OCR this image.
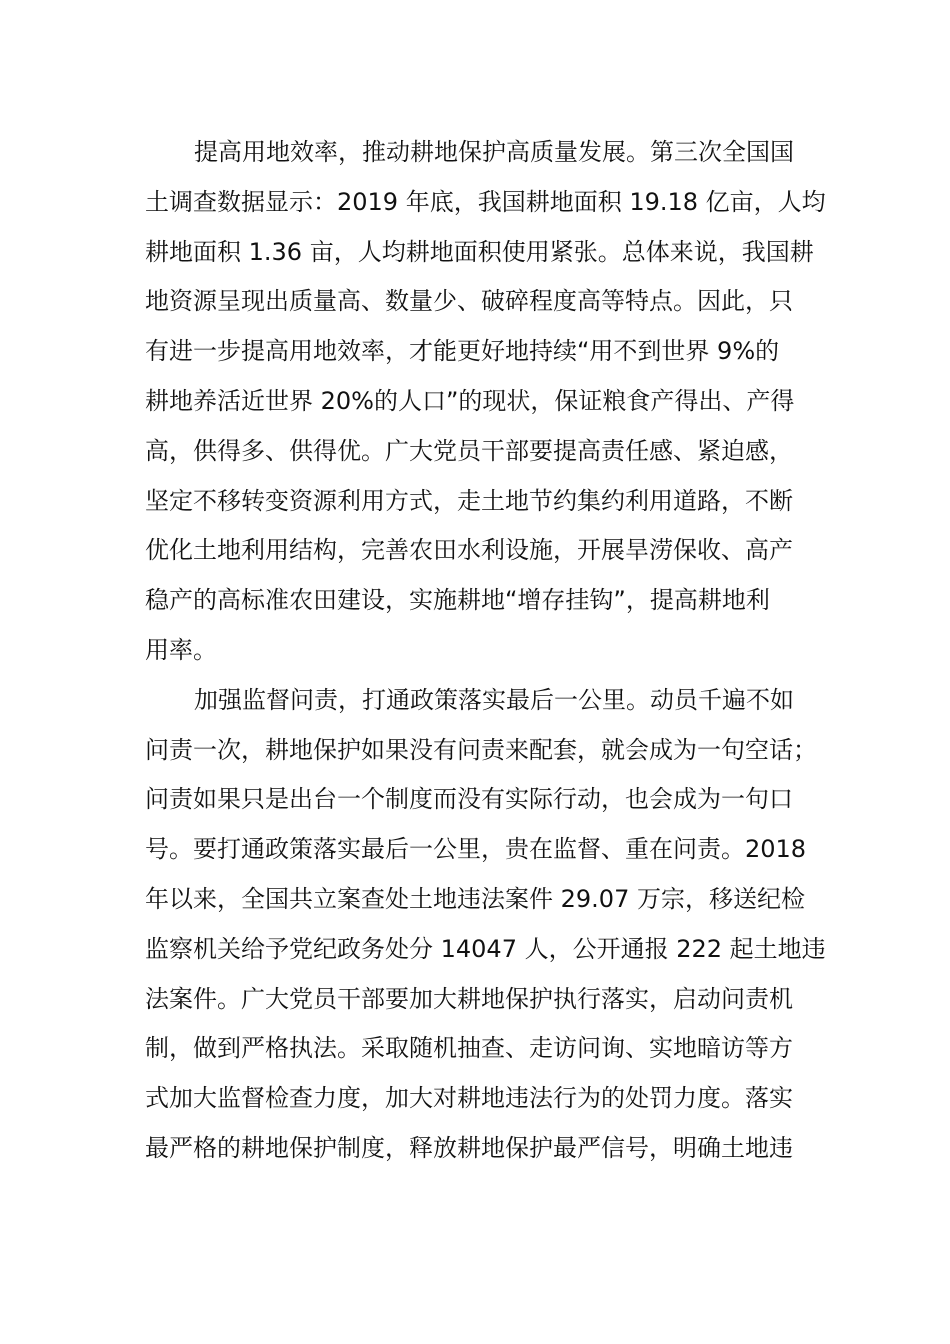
提高用地效率，推动耕地保护高质量发展。第三次全国国
土调查数据显示：2019 年底，我国耕地面积 19.18 亿亩，人均
耕地面积 1.36 亩，人均耕地面积使用紧张。总体来说，我国耕
地资源呈现出质量高、数量少、破碎程度高等特点。因此，只
有进一步提高用地效率，才能更好地持续“用不到世界 9%的
耕地养活近世界 20%的人口”的现状，保证粮食产得出、产得
高，供得多、供得优。广大党员干部要提高责任感、紧迫感，
坚定不移转变资源利用方式，走土地节约集约利用道路，不断
优化土地利用结构，完善农田水利设施，开展旱涝保收、高产
稳产的高标准农田建设，实施耕地“增存挂钩”，提高耕地利
用率。
加强监督问责，打通政策落实最后一公里。动员千遍不如
问责一次，耕地保护如果没有问责来配套，就会成为一句空话；
问责如果只是出台一个制度而没有实际行动，也会成为一句口
号。要打通政策落实最后一公里，贵在监督、重在问责。2018
年以来，全国共立案查处土地违法案件 29.07 万宗，移送纪检
监察机关给予党纪政务处分 14047 人，公开通报 222 起土地违
法案件。广大党员干部要加大耕地保护执行落实，启动问责机
制，做到严格执法。采取随机抽查、走访问询、实地暗访等方
式加大监督检查力度，加大对耕地违法行为的处罚力度。落实
最严格的耕地保护制度，释放耕地保护最严信号，明确土地违
